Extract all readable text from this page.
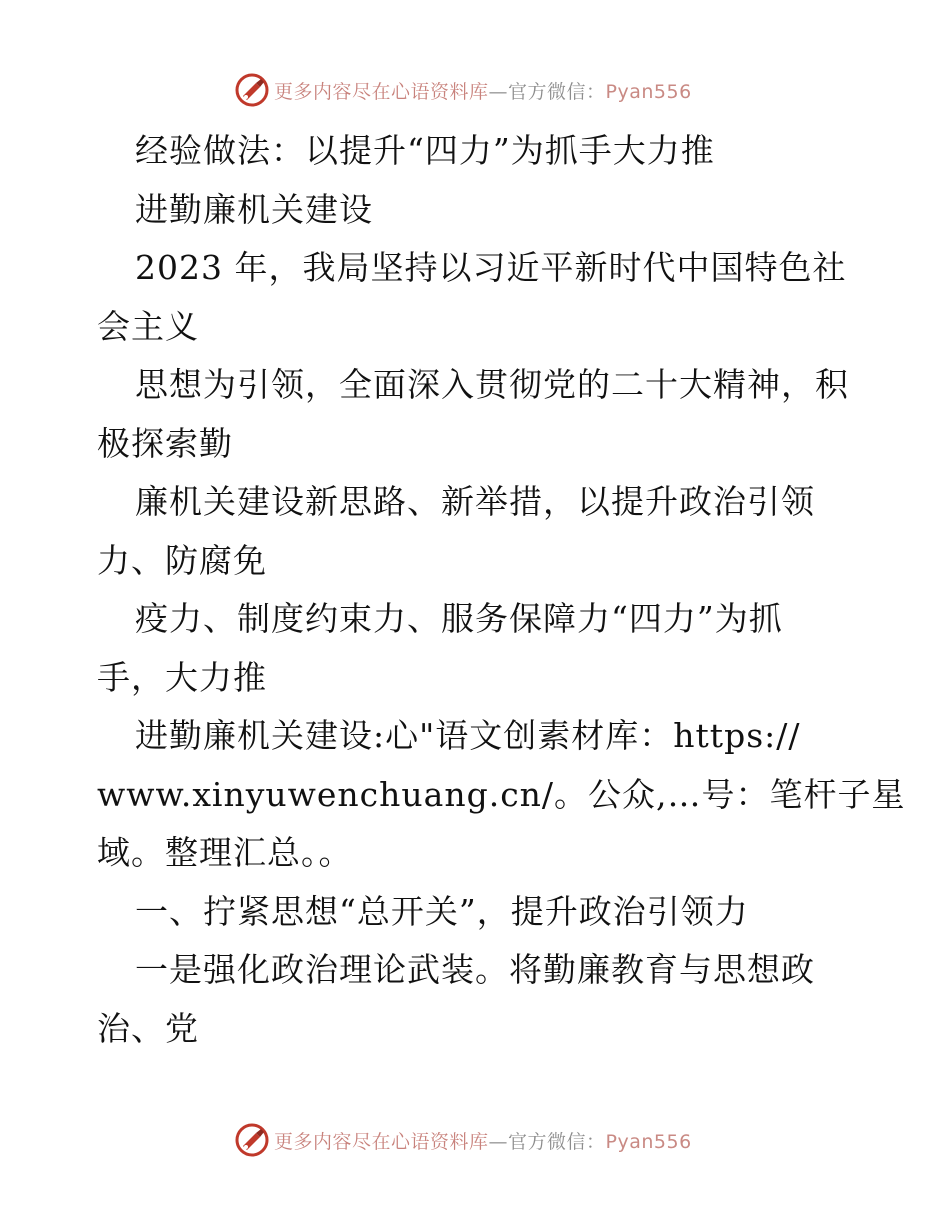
更多内容尽在心语资料库—官方微信：Pyan556
经验做法：以提升“四力”为抓手大力推
进勤廉机关建设
2023 年，我局坚持以习近平新时代中国特色社
会主义
思想为引领，全面深入贯彻党的二十大精神，积
极探索勤
廉机关建设新思路、新举措，以提升政治引领
力、防腐免
疫力、制度约束力、服务保障力“四力”为抓
手，大力推
进勤廉机关建设:心"语文创素材库：https://
www.xinyuwenchuang.cn/。公众,…号：笔杆子星
域。整理汇总。。
一、拧紧思想“总开关”，提升政治引领力
一是强化政治理论武装。将勤廉教育与思想政
治、党
更多内容尽在心语资料库—官方微信：Pyan556
